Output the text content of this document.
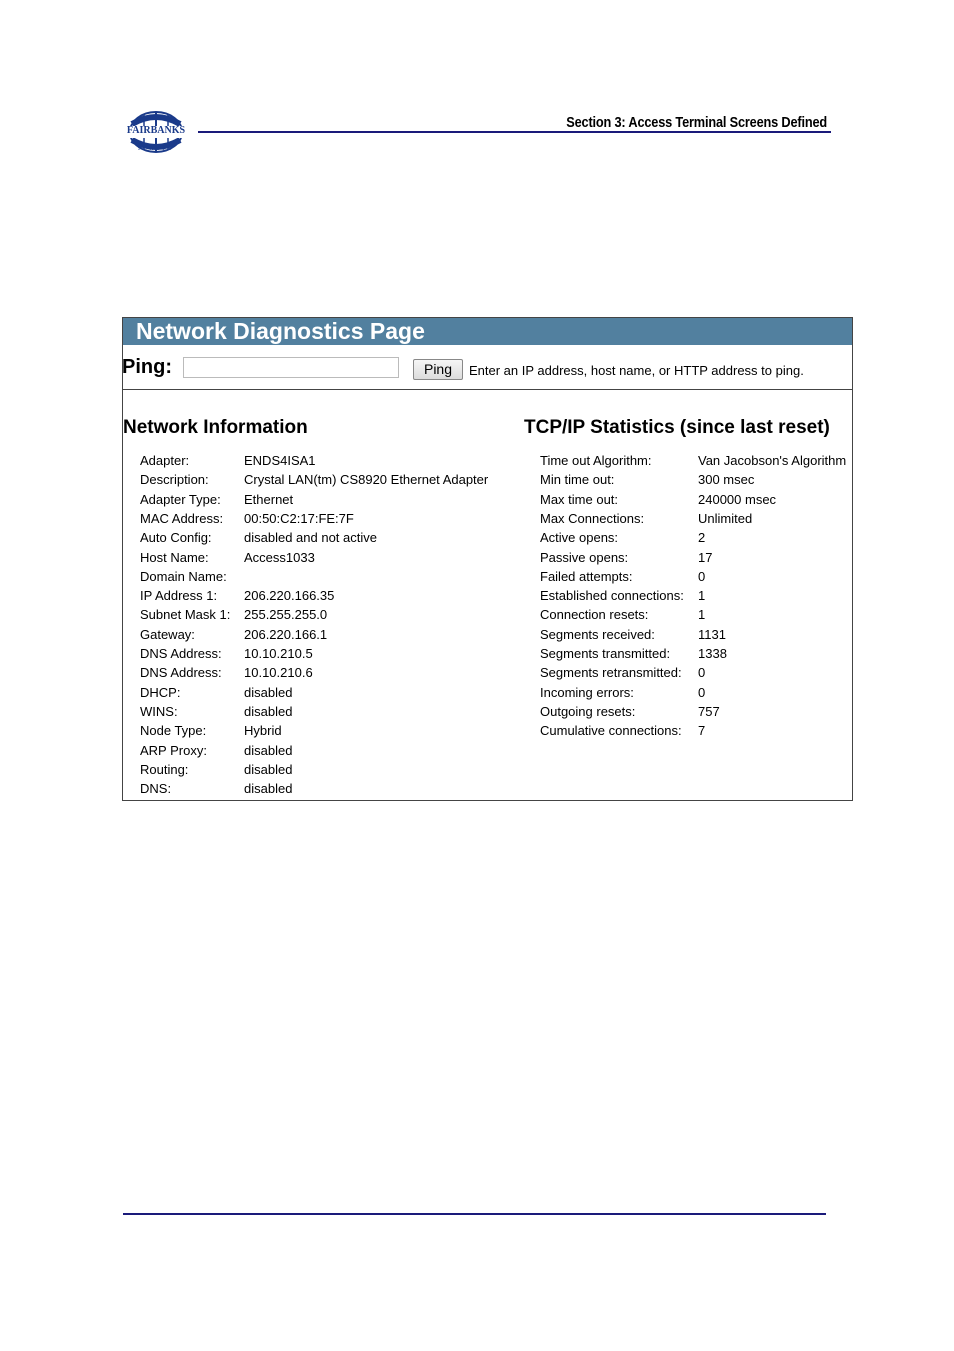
FAIRBANKS
SCALES
Section 3: Access Terminal Screens Defined
Network Diagnostics Page
Ping:	Ping	Enter an IP address, host name, or HTTP address to ping.
Network Information
Adapter:	ENDS4ISA1
Description:	Crystal LAN(tm) CS8920 Ethernet Adapter
Adapter Type: Ethernet
MAC Address: 00:50:C2:17:FE:7F
Auto Config: disabled and not active
Host Name:	Access1033
Domain Name:
IP Address 1: 206.220.166.35
Subnet Mask 1: 255.255.255.0
Gateway:	206.220.166.1
DNS Address: 10.10.210.5
DNS Address: 10.10.210.6
DHCP:	disabled
WINS:	disabled
Node Type:	Hybrid
ARP Proxy:	disabled
Routing:	disabled
DNS:	disabled
TCP/IP Statistics (since last reset)
Time out Algorithm:	Van Jacobson's Algorithm
Min time out:	300 msec
Max time out:	240000 msec
Max Connections:	Unlimited
Active opens:	2
Passive opens:	17
Failed attempts:	0
Established connections: 1
Connection resets:	1
Segments received:	1131
Segments transmitted: 1338
Segments retransmitted: 0
Incoming errors:	0
Outgoing resets:	757
Cumulative connections: 7
